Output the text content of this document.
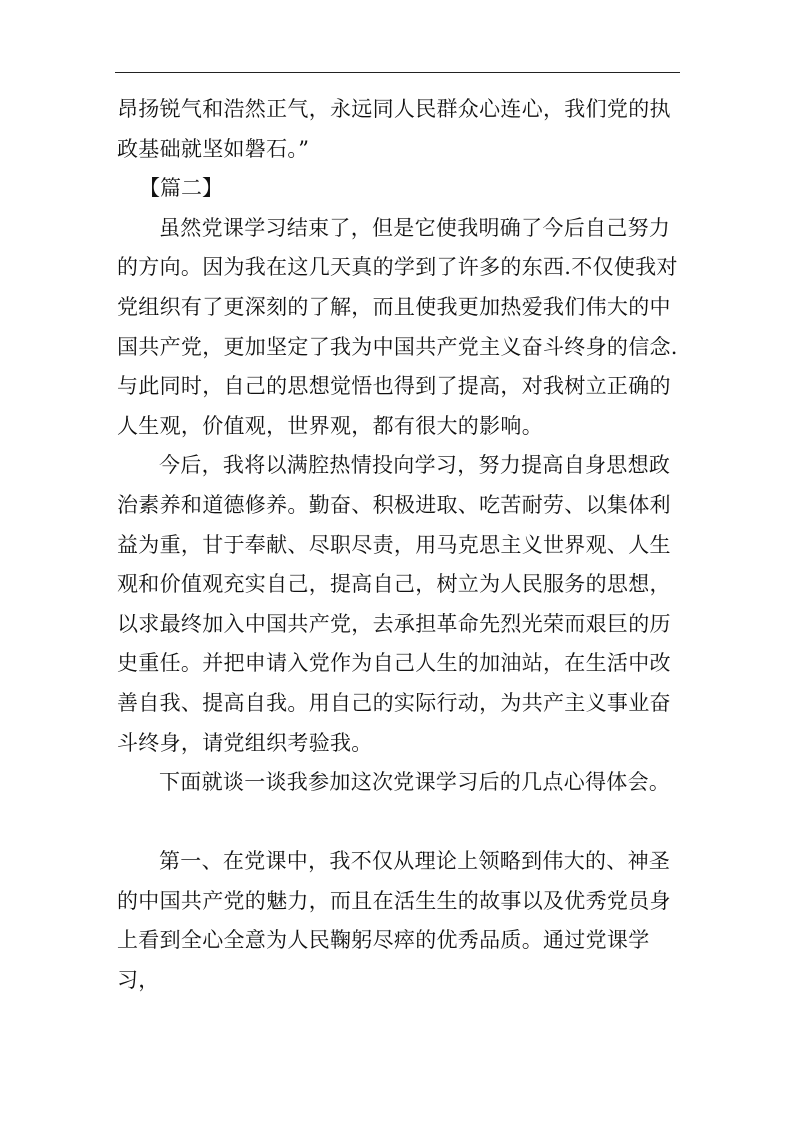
昂扬锐气和浩然正气，永远同人民群众心连心，我们党的执政基础就坚如磐石。”

【篇二】

虽然党课学习结束了，但是它使我明确了今后自己努力的方向。因为我在这几天真的学到了许多的东西.不仅使我对党组织有了更深刻的了解，而且使我更加热爱我们伟大的中国共产党，更加坚定了我为中国共产党主义奋斗终身的信念.与此同时，自己的思想觉悟也得到了提高，对我树立正确的人生观，价值观，世界观，都有很大的影响。

今后，我将以满腔热情投向学习，努力提高自身思想政治素养和道德修养。勤奋、积极进取、吃苦耐劳、以集体利益为重，甘于奉献、尽职尽责，用马克思主义世界观、人生观和价值观充实自己，提高自己，树立为人民服务的思想，以求最终加入中国共产党，去承担革命先烈光荣而艰巨的历史重任。并把申请入党作为自己人生的加油站，在生活中改善自我、提高自我。用自己的实际行动，为共产主义事业奋斗终身，请党组织考验我。

下面就谈一谈我参加这次党课学习后的几点心得体会。

第一、在党课中，我不仅从理论上领略到伟大的、神圣的中国共产党的魅力，而且在活生生的故事以及优秀党员身上看到全心全意为人民鞠躬尽瘁的优秀品质。通过党课学习，
